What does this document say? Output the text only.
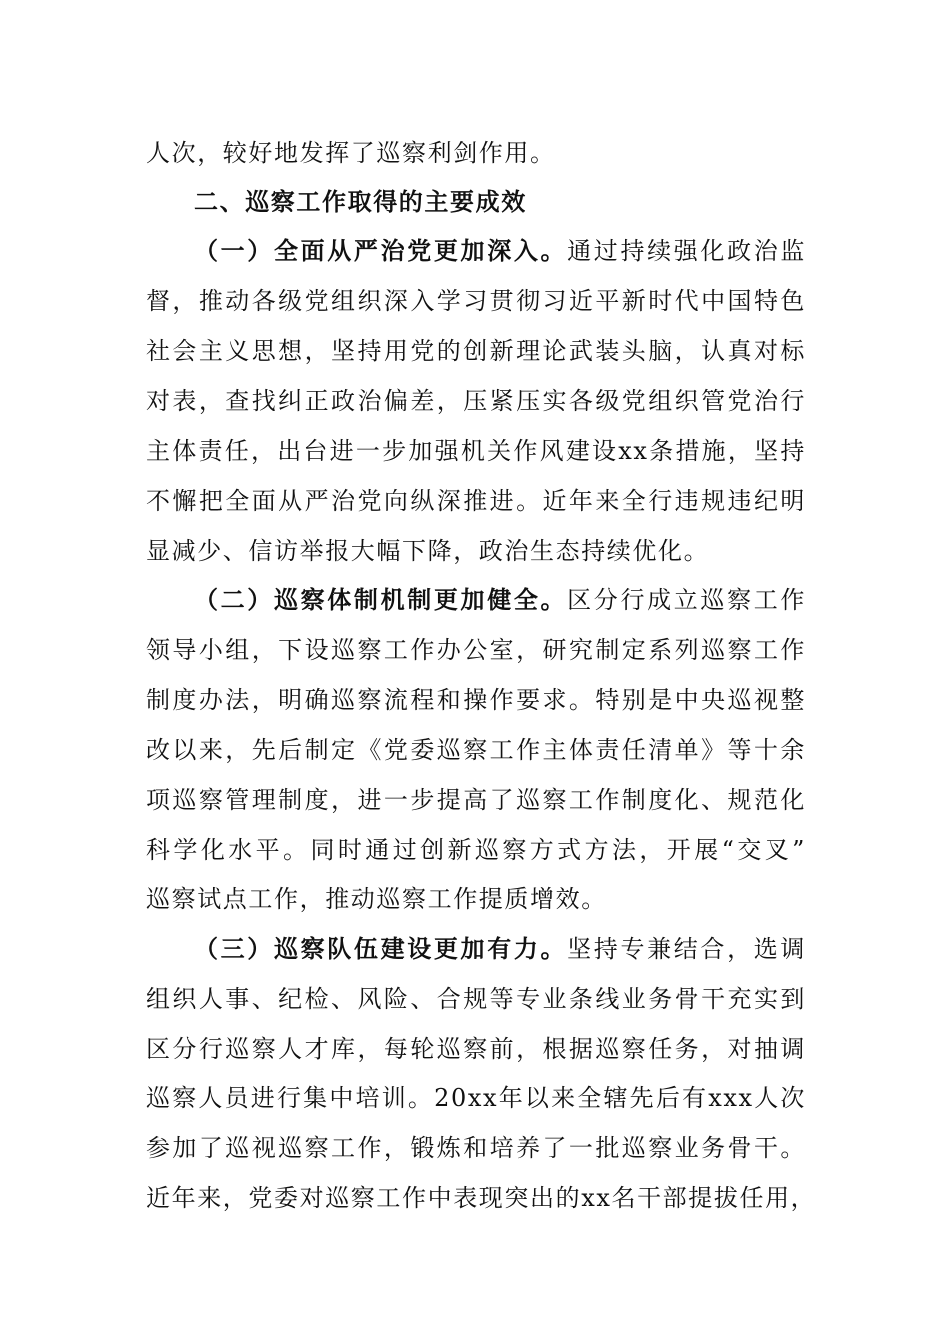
人次，较好地发挥了巡察利剑作用。
二、巡察工作取得的主要成效
（一）全面从严治党更加深入。通过持续强化政治监
督，推动各级党组织深入学习贯彻习近平新时代中国特色
社会主义思想，坚持用党的创新理论武装头脑，认真对标
对表，查找纠正政治偏差，压紧压实各级党组织管党治行
主体责任，出台进一步加强机关作风建设xx条措施，坚持
不懈把全面从严治党向纵深推进。近年来全行违规违纪明
显减少、信访举报大幅下降，政治生态持续优化。
（二）巡察体制机制更加健全。区分行成立巡察工作
领导小组，下设巡察工作办公室，研究制定系列巡察工作
制度办法，明确巡察流程和操作要求。特别是中央巡视整
改以来，先后制定《党委巡察工作主体责任清单》等十余
项巡察管理制度，进一步提高了巡察工作制度化、规范化
科学化水平。同时通过创新巡察方式方法，开展“交叉”
巡察试点工作，推动巡察工作提质增效。
（三）巡察队伍建设更加有力。坚持专兼结合，选调
组织人事、纪检、风险、合规等专业条线业务骨干充实到
区分行巡察人才库，每轮巡察前，根据巡察任务，对抽调
巡察人员进行集中培训。20xx年以来全辖先后有xxx人次
参加了巡视巡察工作，锻炼和培养了一批巡察业务骨干。
近年来，党委对巡察工作中表现突出的xx名干部提拔任用，
